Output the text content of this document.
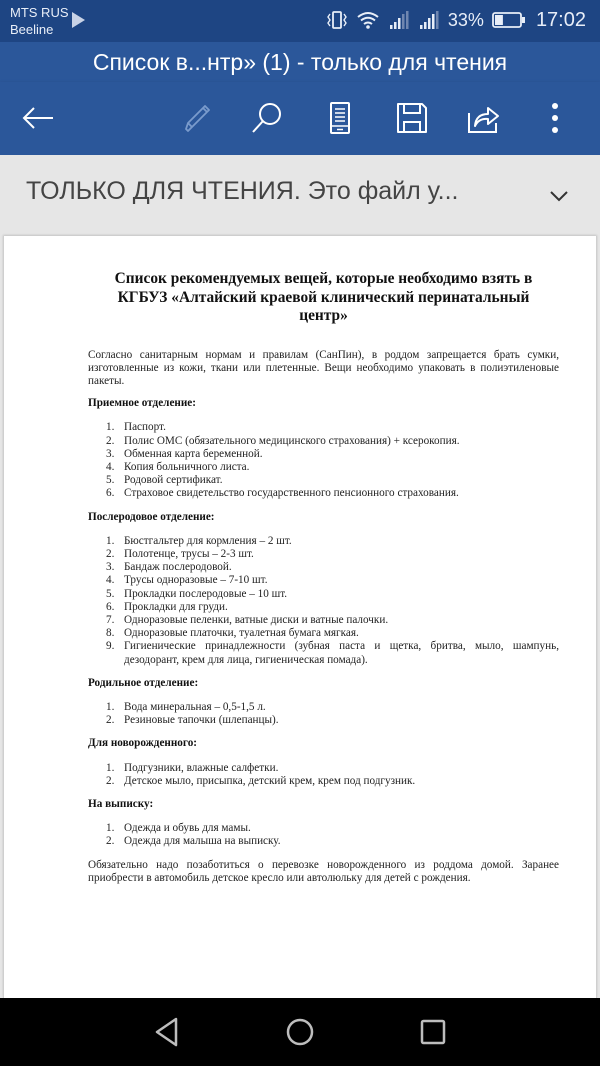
MTS RUS
Beeline	33%	17:02
Список в...нтр» (1) - только для чтения
ТОЛЬКО ДЛЯ ЧТЕНИЯ. Это файл у...
Список рекомендуемых вещей, которые необходимо взять в КГБУЗ «Алтайский краевой клинический перинатальный центр»

Согласно санитарным нормам и правилам (СанПин), в роддом запрещается брать сумки, изготовленные из кожи, ткани или плетенные. Вещи необходимо упаковать в полиэтиленовые пакеты.

Приемное отделение:
1. Паспорт.
2. Полис ОМС (обязательного медицинского страхования) + ксерокопия.
3. Обменная карта беременной.
4. Копия больничного листа.
5. Родовой сертификат.
6. Страховое свидетельство государственного пенсионного страхования.
Послеродовое отделение:
1. Бюстгальтер для кормления – 2 шт.
2. Полотенце, трусы – 2-3 шт.
3. Бандаж послеродовой.
4. Трусы одноразовые – 7-10 шт.
5. Прокладки послеродовые – 10 шт.
6. Прокладки для груди.
7. Одноразовые пеленки, ватные диски и ватные палочки.
8. Одноразовые платочки, туалетная бумага мягкая.
9. Гигиенические принадлежности (зубная паста и щетка, бритва, мыло, шампунь, дезодорант, крем для лица, гигиеническая помада).
Родильное отделение:
1. Вода минеральная – 0,5-1,5 л.
2. Резиновые тапочки (шлепанцы).
Для новорожденного:
1. Подгузники, влажные салфетки.
2. Детское мыло, присыпка, детский крем, крем под подгузник.
На выписку:
1. Одежда и обувь для мамы.
2. Одежда для малыша на выписку.

Обязательно надо позаботиться о перевозке новорожденного из роддома домой. Заранее приобрести в автомобиль детское кресло или автолюльку для детей с рождения.
